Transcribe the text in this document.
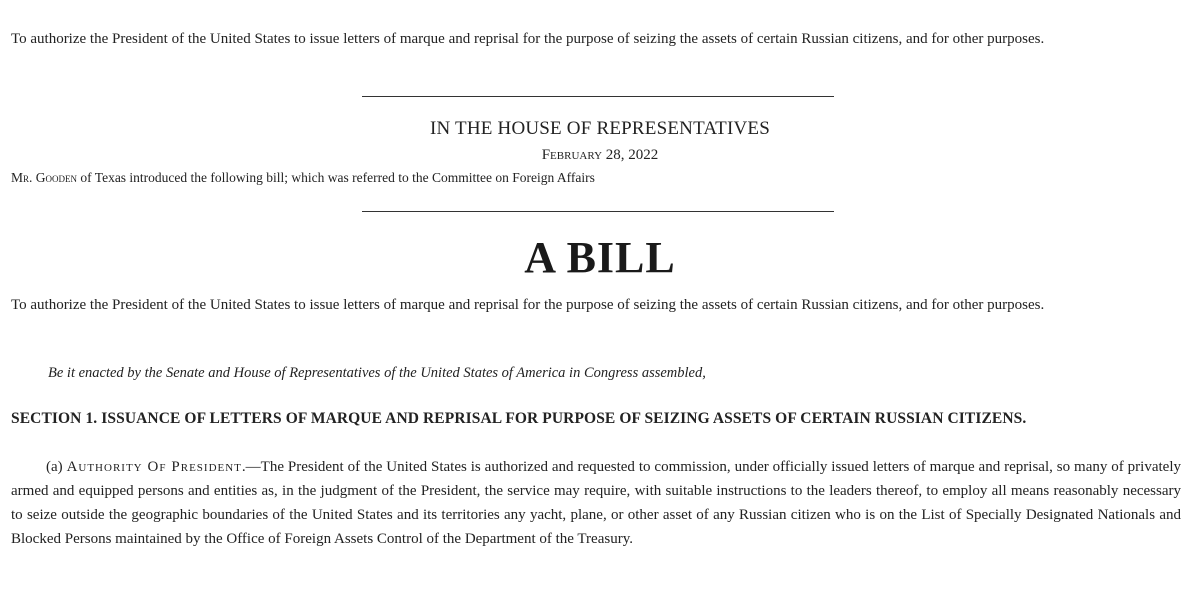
To authorize the President of the United States to issue letters of marque and reprisal for the purpose of seizing the assets of certain Russian citizens, and for other purposes.

IN THE HOUSE OF REPRESENTATIVES

February 28, 2022

Mr. Gooden of Texas introduced the following bill; which was referred to the Committee on Foreign Affairs

A BILL

To authorize the President of the United States to issue letters of marque and reprisal for the purpose of seizing the assets of certain Russian citizens, and for other purposes.

Be it enacted by the Senate and House of Representatives of the United States of America in Congress assembled,

SECTION 1. ISSUANCE OF LETTERS OF MARQUE AND REPRISAL FOR PURPOSE OF SEIZING ASSETS OF CERTAIN RUSSIAN CITIZENS.

(a) Authority Of President.—The President of the United States is authorized and requested to commission, under officially issued letters of marque and reprisal, so many of privately armed and equipped persons and entities as, in the judgment of the President, the service may require, with suitable instructions to the leaders thereof, to employ all means reasonably necessary to seize outside the geographic boundaries of the United States and its territories any yacht, plane, or other asset of any Russian citizen who is on the List of Specially Designated Nationals and Blocked Persons maintained by the Office of Foreign Assets Control of the Department of the Treasury.
